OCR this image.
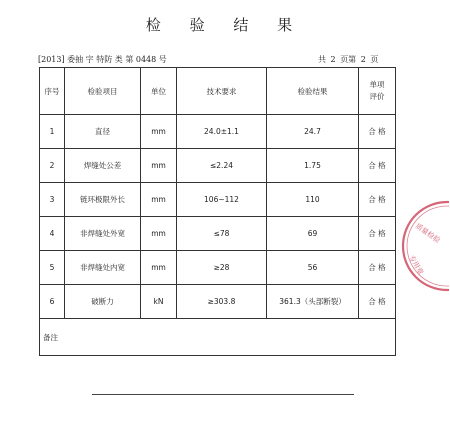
检 验 结 果
[2013] 委抽 字 特防 类 第 0448 号	共 2 页第 2 页
序号	检验项目	单位	技术要求	检验结果	单项
评价

1	直径	mm	24.0±1.1	24.7	合 格
2	焊缝处公差	mm	≤2.24	1.75	合 格
3	链环极限外长	mm	106~112	110	合 格
4	非焊缝处外宽	mm	≤78	69	合 格
5	非焊缝处内宽	mm	≥28	56	合 格
6	破断力	kN	≥303.8	361.3（头部断裂）	合 格
备注					
质量检验
专用章
